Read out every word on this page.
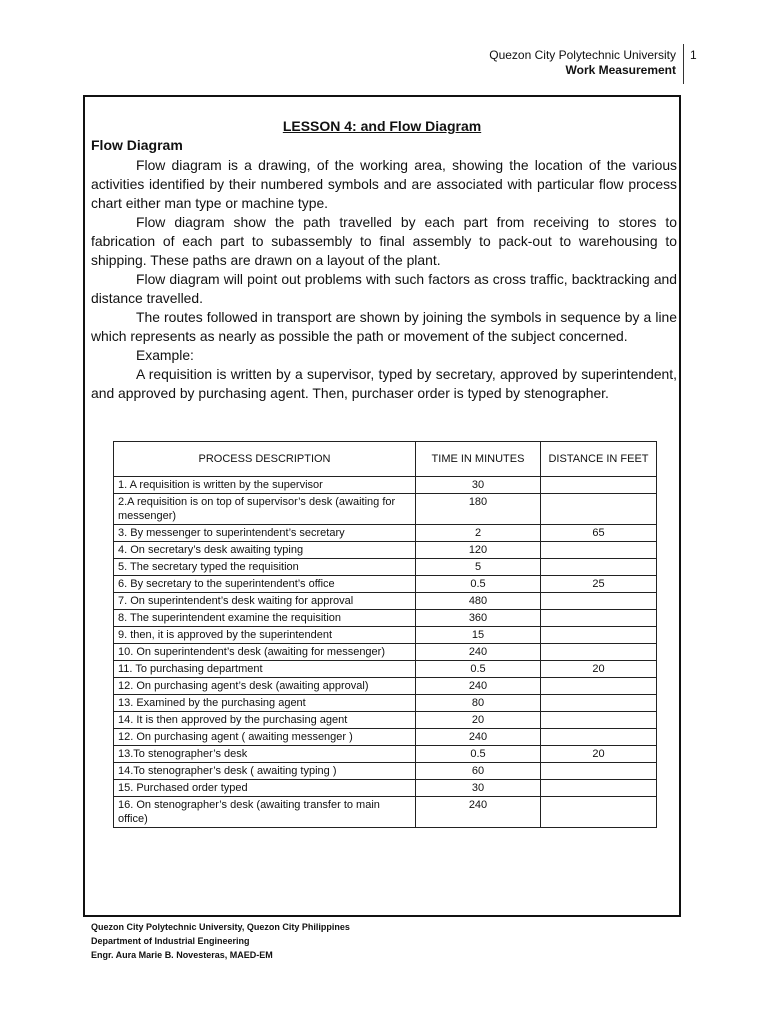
Quezon City Polytechnic University
Work Measurement
1
LESSON 4: and Flow Diagram
Flow Diagram

Flow diagram is a drawing, of the working area, showing the location of the various activities identified by their numbered symbols and are associated with particular flow process chart either man type or machine type.

Flow diagram show the path travelled by each part from receiving to stores to fabrication of each part to subassembly to final assembly to pack-out to warehousing to shipping. These paths are drawn on a layout of the plant.

Flow diagram will point out problems with such factors as cross traffic, backtracking and distance travelled.

The routes followed in transport are shown by joining the symbols in sequence by a line which represents as nearly as possible the path or movement of the subject concerned.

Example:

A requisition is written by a supervisor, typed by secretary, approved by superintendent, and approved by purchasing agent. Then, purchaser order is typed by stenographer.

PROCESS DESCRIPTION	TIME IN MINUTES	DISTANCE IN FEET
1. A requisition is written by the supervisor	30	
2.A requisition is on top of supervisor’s desk (awaiting for messenger)	180	
3. By messenger to superintendent’s secretary	2	65
4. On secretary’s desk awaiting typing	120	
5. The secretary typed the requisition	5	
6. By secretary to the superintendent’s office	0.5	25
7. On superintendent’s desk waiting for approval	480	
8. The superintendent examine the requisition	360	
9. then, it is approved by the superintendent	15	
10. On superintendent’s desk (awaiting for messenger)	240	
11. To purchasing department	0.5	20
12. On purchasing agent’s desk (awaiting approval)	240	
13. Examined by the purchasing agent	80	
14. It is then approved by the purchasing agent	20	
12. On purchasing agent ( awaiting messenger )	240	
13.To stenographer’s desk	0.5	20
14.To stenographer’s desk ( awaiting typing )	60	
15. Purchased order typed	30	
16. On stenographer’s desk (awaiting transfer to main office)	240	
Quezon City Polytechnic University, Quezon City Philippines
Department of Industrial Engineering
Engr. Aura Marie B. Novesteras, MAED-EM
